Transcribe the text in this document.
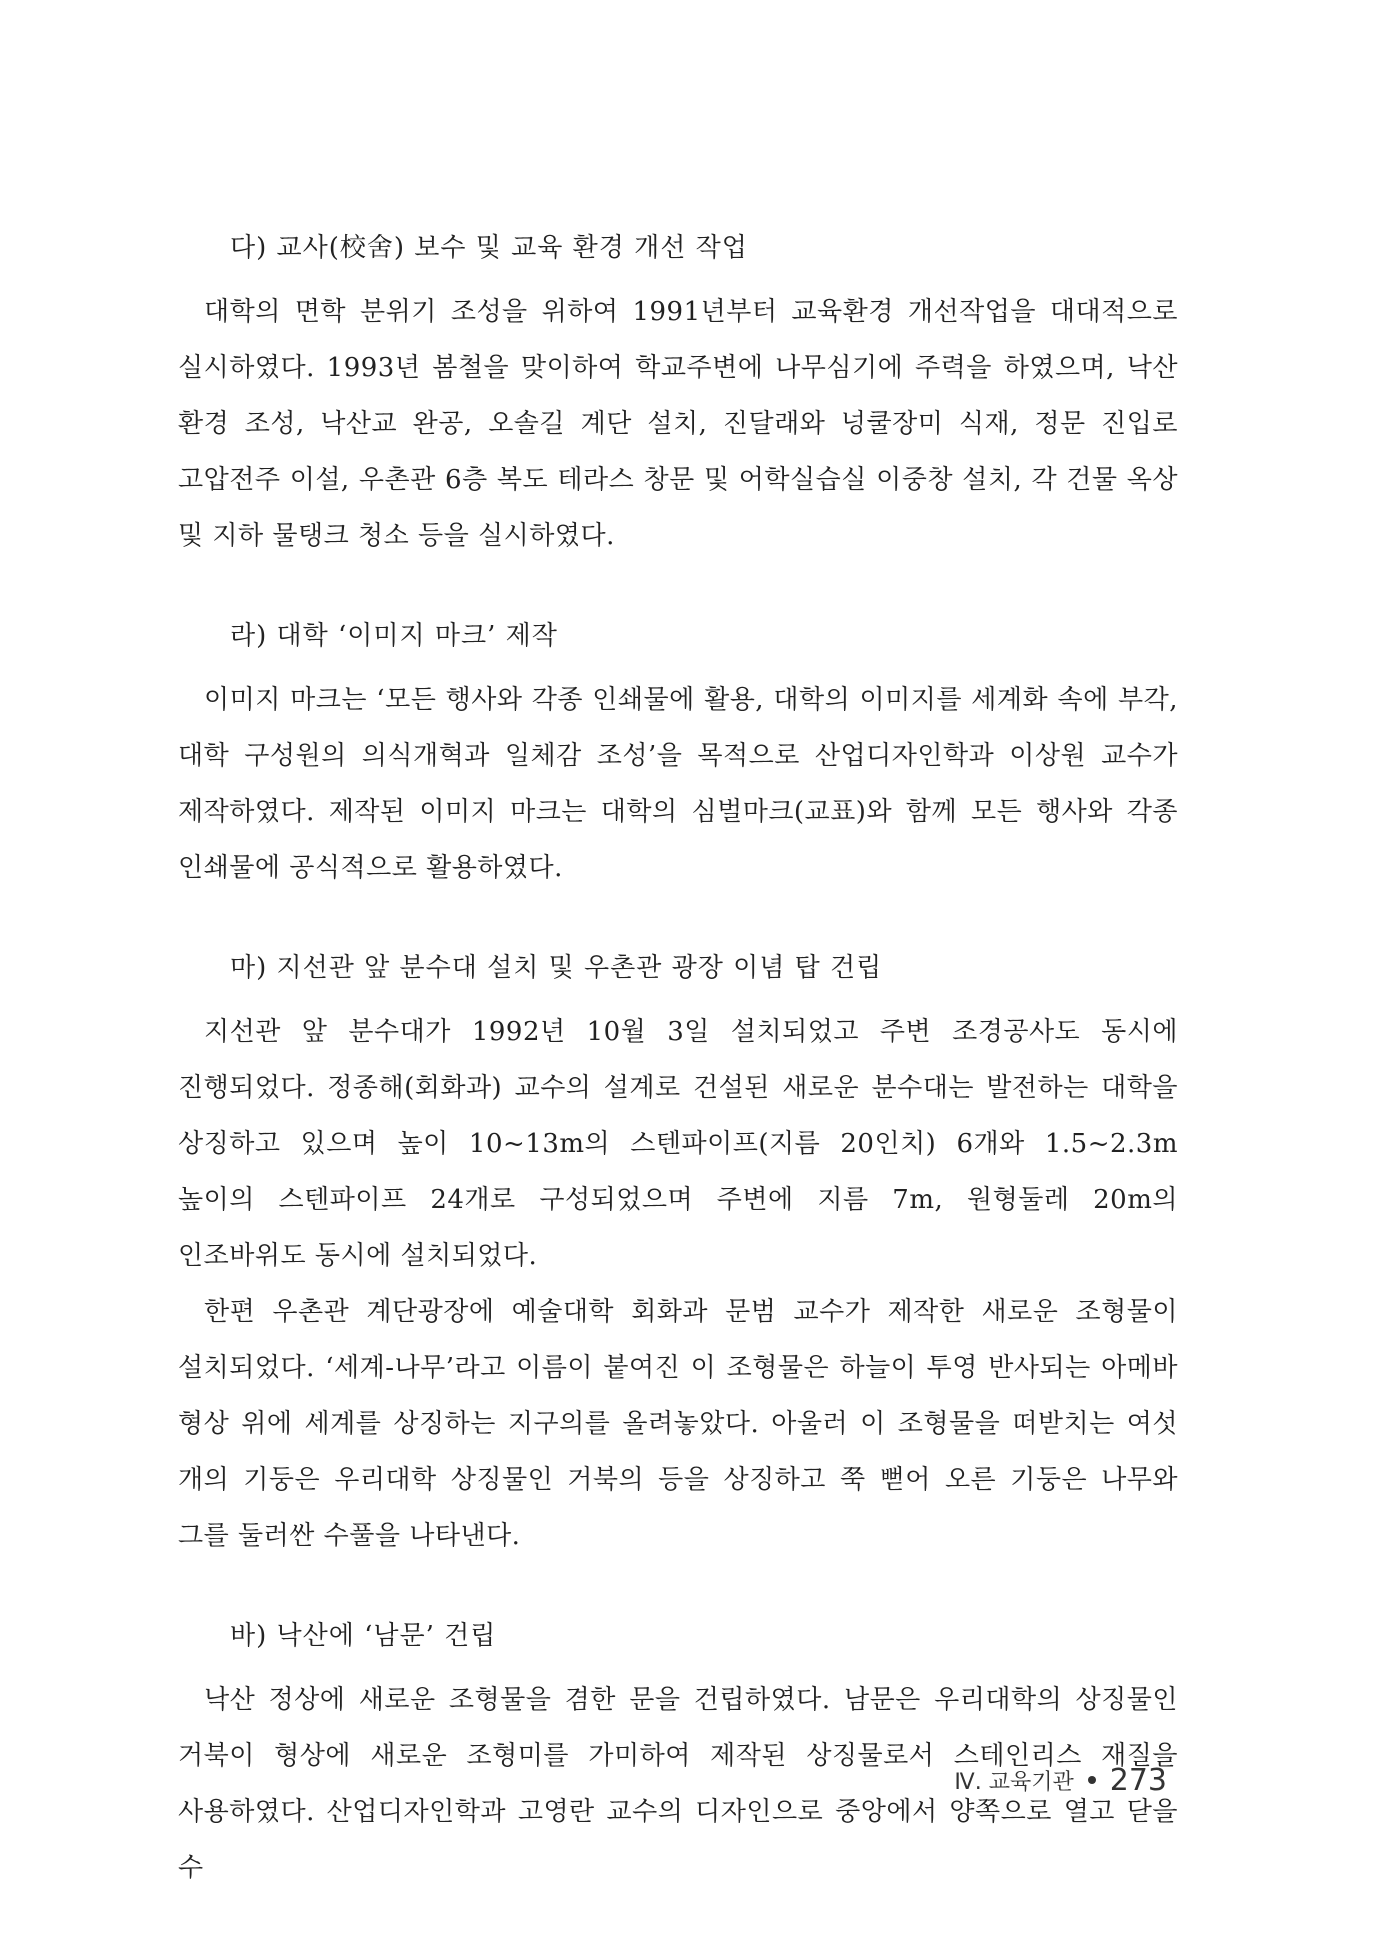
다) 교사(校舍) 보수 및 교육 환경 개선 작업

대학의 면학 분위기 조성을 위하여 1991년부터 교육환경 개선작업을 대대적으로 실시하였다. 1993년 봄철을 맞이하여 학교주변에 나무심기에 주력을 하였으며, 낙산 환경 조성, 낙산교 완공, 오솔길 계단 설치, 진달래와 넝쿨장미 식재, 정문 진입로 고압전주 이설, 우촌관 6층 복도 테라스 창문 및 어학실습실 이중창 설치, 각 건물 옥상 및 지하 물탱크 청소 등을 실시하였다.

라) 대학 ‘이미지 마크’ 제작

이미지 마크는 ‘모든 행사와 각종 인쇄물에 활용, 대학의 이미지를 세계화 속에 부각, 대학 구성원의 의식개혁과 일체감 조성’을 목적으로 산업디자인학과 이상원 교수가 제작하였다. 제작된 이미지 마크는 대학의 심벌마크(교표)와 함께 모든 행사와 각종 인쇄물에 공식적으로 활용하였다.

마) 지선관 앞 분수대 설치 및 우촌관 광장 이념 탑 건립

지선관 앞 분수대가 1992년 10월 3일 설치되었고 주변 조경공사도 동시에 진행되었다. 정종해(회화과) 교수의 설계로 건설된 새로운 분수대는 발전하는 대학을 상징하고 있으며 높이 10~13m의 스텐파이프(지름 20인치) 6개와 1.5~2.3m 높이의 스텐파이프 24개로 구성되었으며 주변에 지름 7m, 원형둘레 20m의 인조바위도 동시에 설치되었다.

한편 우촌관 계단광장에 예술대학 회화과 문범 교수가 제작한 새로운 조형물이 설치되었다. ‘세계-나무’라고 이름이 붙여진 이 조형물은 하늘이 투영 반사되는 아메바 형상 위에 세계를 상징하는 지구의를 올려놓았다. 아울러 이 조형물을 떠받치는 여섯 개의 기둥은 우리대학 상징물인 거북의 등을 상징하고 쭉 뻗어 오른 기둥은 나무와 그를 둘러싼 수풀을 나타낸다.

바) 낙산에 ‘남문’ 건립

낙산 정상에 새로운 조형물을 겸한 문을 건립하였다. 남문은 우리대학의 상징물인 거북이 형상에 새로운 조형미를 가미하여 제작된 상징물로서 스테인리스 재질을 사용하였다. 산업디자인학과 고영란 교수의 디자인으로 중앙에서 양쪽으로 열고 닫을 수

Ⅳ. 교육기관 273
